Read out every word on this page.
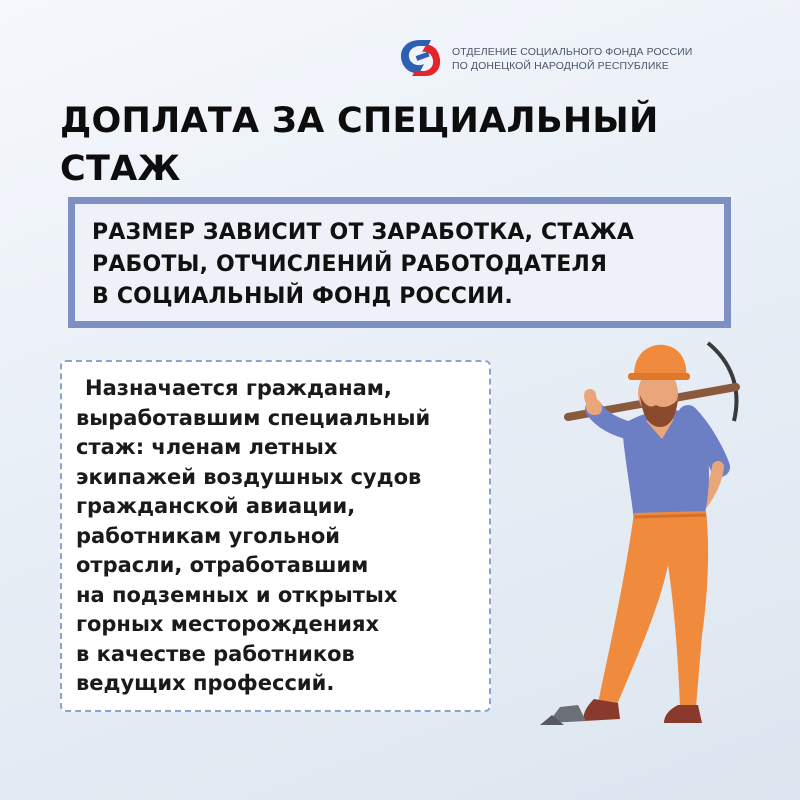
ОТДЕЛЕНИЕ СОЦИАЛЬНОГО ФОНДА РОССИИ
ПО ДОНЕЦКОЙ НАРОДНОЙ РЕСПУБЛИКЕ
ДОПЛАТА ЗА СПЕЦИАЛЬНЫЙ
СТАЖ
РАЗМЕР ЗАВИСИТ ОТ ЗАРАБОТКА, СТАЖА
РАБОТЫ, ОТЧИСЛЕНИЙ РАБОТОДАТЕЛЯ
В СОЦИАЛЬНЫЙ ФОНД РОССИИ.
Назначается гражданам,
выработавшим специальный
стаж: членам летных
экипажей воздушных судов
гражданской авиации,
работникам угольной
отрасли, отработавшим
на подземных и открытых
горных месторождениях
в качестве работников
ведущих профессий.
